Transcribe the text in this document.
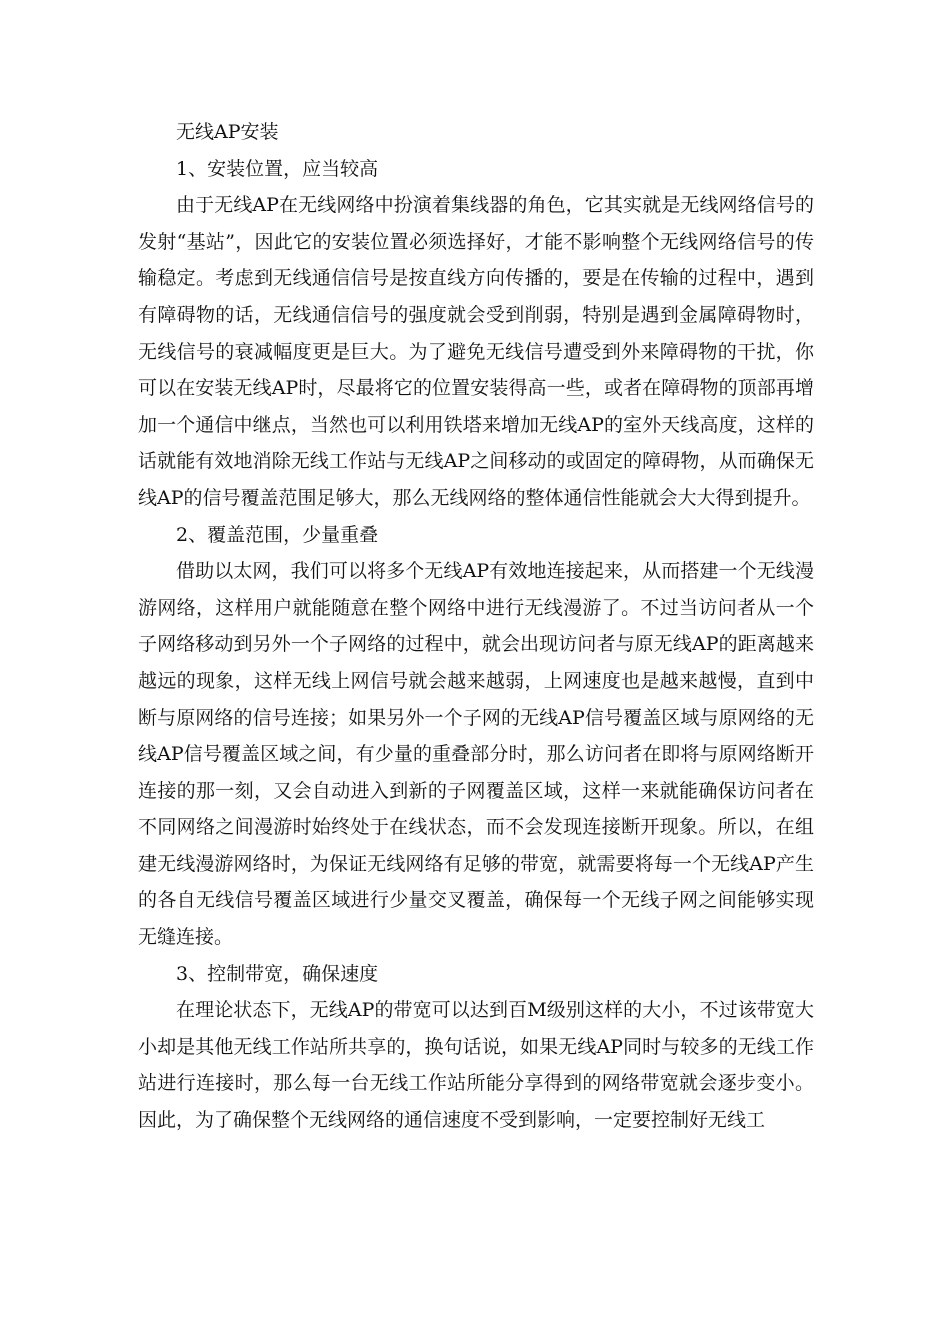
无线AP安装

1、安装位置，应当较高

由于无线AP在无线网络中扮演着集线器的角色，它其实就是无线网络信号的发射“基站”，因此它的安装位置必须选择好，才能不影响整个无线网络信号的传输稳定。考虑到无线通信信号是按直线方向传播的，要是在传输的过程中，遇到有障碍物的话，无线通信信号的强度就会受到削弱，特别是遇到金属障碍物时，无线信号的衰减幅度更是巨大。为了避免无线信号遭受到外来障碍物的干扰，你可以在安装无线AP时，尽最将它的位置安装得高一些，或者在障碍物的顶部再增加一个通信中继点，当然也可以利用铁塔来增加无线AP的室外天线高度，这样的话就能有效地消除无线工作站与无线AP之间移动的或固定的障碍物，从而确保无线AP的信号覆盖范围足够大，那么无线网络的整体通信性能就会大大得到提升。

2、覆盖范围，少量重叠

借助以太网，我们可以将多个无线AP有效地连接起来，从而搭建一个无线漫游网络，这样用户就能随意在整个网络中进行无线漫游了。不过当访问者从一个子网络移动到另外一个子网络的过程中，就会出现访问者与原无线AP的距离越来越远的现象，这样无线上网信号就会越来越弱，上网速度也是越来越慢，直到中断与原网络的信号连接；如果另外一个子网的无线AP信号覆盖区域与原网络的无线AP信号覆盖区域之间，有少量的重叠部分时，那么访问者在即将与原网络断开连接的那一刻，又会自动进入到新的子网覆盖区域，这样一来就能确保访问者在不同网络之间漫游时始终处于在线状态，而不会发现连接断开现象。所以，在组建无线漫游网络时，为保证无线网络有足够的带宽，就需要将每一个无线AP产生的各自无线信号覆盖区域进行少量交叉覆盖，确保每一个无线子网之间能够实现无缝连接。

3、控制带宽，确保速度

在理论状态下，无线AP的带宽可以达到百M级别这样的大小，不过该带宽大小却是其他无线工作站所共享的，换句话说，如果无线AP同时与较多的无线工作站进行连接时，那么每一台无线工作站所能分享得到的网络带宽就会逐步变小。因此，为了确保整个无线网络的通信速度不受到影响，一定要控制好无线工
